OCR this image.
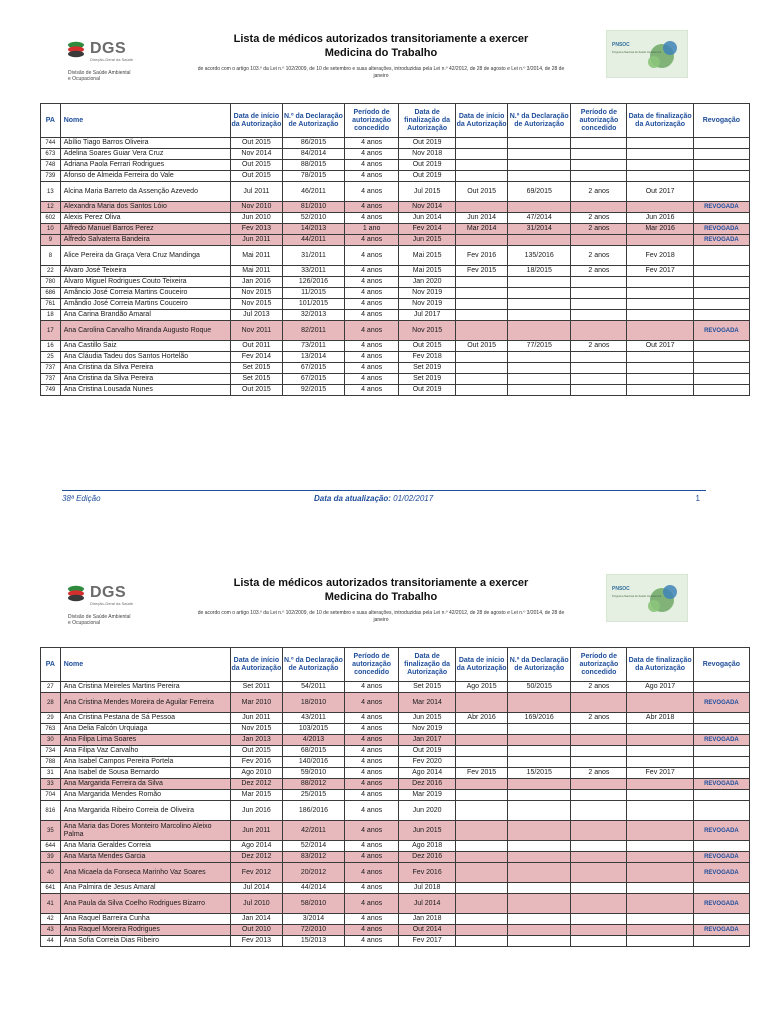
DGS
Direção-Geral da Saúde
Divisão de Saúde Ambiental
e Ocupacional
Lista de médicos autorizados transitoriamente a exercer
Medicina do Trabalho
de acordo com o artigo 103.º da Lei n.º 102/2009, de 10 de setembro e suas alterações, introduzidas pela Lei n.º 42/2012, de 28 de agosto e Lei n.º 3/2014, de 28 de janeiro
PNSOC
Programa Nacional de Saúde Ocupacional
PA	Nome	Data de início da Autorização	N.º da Declaração de Autorização	Período de autorização concedido	Data de finalização da Autorização	Data de início da Autorização	N.º da Declaração de Autorização	Período de autorização concedido	Data de finalização da Autorização	Revogação
744	Abílio Tiago Barros Oliveira	Out 2015	86/2015	4 anos	Out 2019					
673	Adelina Soares Guiar Vera Cruz	Nov 2014	84/2014	4 anos	Nov 2018					
748	Adriana Paola Ferrari Rodrigues	Out 2015	88/2015	4 anos	Out 2019					
739	Afonso de Almeida Ferreira do Vale	Out 2015	78/2015	4 anos	Out 2019					
13	Alcina Maria Barreto da Assenção Azevedo	Jul 2011	46/2011	4 anos	Jul 2015	Out 2015	69/2015	2 anos	Out 2017	
12	Alexandra Maria dos Santos Lóio	Nov 2010	81/2010	4 anos	Nov 2014					REVOGADA
602	Alexis Perez Oliva	Jun 2010	52/2010	4 anos	Jun 2014	Jun 2014	47/2014	2 anos	Jun 2016	
10	Alfredo Manuel Barros Perez	Fev 2013	14/2013	1 ano	Fev 2014	Mar 2014	31/2014	2 anos	Mar 2016	REVOGADA
9	Alfredo Salvaterra Bandeira	Jun 2011	44/2011	4 anos	Jun 2015					REVOGADA
8	Alice Pereira da Graça Vera Cruz Mandinga	Mai 2011	31/2011	4 anos	Mai 2015	Fev 2016	135/2016	2 anos	Fev 2018	
22	Álvaro José Teixeira	Mai 2011	33/2011	4 anos	Mai 2015	Fev 2015	18/2015	2 anos	Fev 2017	
780	Álvaro Miguel Rodrigues Couto Teixeira	Jan 2016	126/2016	4 anos	Jan 2020					
686	Amâncio José Correia Martins Couceiro	Nov 2015	11/2015	4 anos	Nov 2019					
761	Amândio José Correia Martins Couceiro	Nov 2015	101/2015	4 anos	Nov 2019					
18	Ana Carina Brandão Amaral	Jul 2013	32/2013	4 anos	Jul 2017					
17	Ana Carolina Carvalho Miranda Augusto Roque	Nov 2011	82/2011	4 anos	Nov 2015					REVOGADA
16	Ana Castillo Saiz	Out 2011	73/2011	4 anos	Out 2015	Out 2015	77/2015	2 anos	Out 2017	
25	Ana Cláudia Tadeu dos Santos Hortelão	Fev 2014	13/2014	4 anos	Fev 2018					
737	Ana Cristina da Silva Pereira	Set 2015	67/2015	4 anos	Set 2019					
737	Ana Cristina da Silva Pereira	Set 2015	67/2015	4 anos	Set 2019					
749	Ana Cristina Lousada Nunes	Out 2015	92/2015	4 anos	Out 2019					
38ª Edição	Data da atualização: 01/02/2017	1
DGS
Direção-Geral da Saúde
Divisão de Saúde Ambiental
e Ocupacional
Lista de médicos autorizados transitoriamente a exercer
Medicina do Trabalho
de acordo com o artigo 103.º da Lei n.º 102/2009, de 10 de setembro e suas alterações, introduzidas pela Lei n.º 42/2012, de 28 de agosto e Lei n.º 3/2014, de 28 de janeiro
PNSOC
Programa Nacional de Saúde Ocupacional
PA	Nome	Data de início da Autorização	N.º da Declaração de Autorização	Período de autorização concedido	Data de finalização da Autorização	Data de início da Autorização	N.º da Declaração de Autorização	Período de autorização concedido	Data de finalização da Autorização	Revogação
27	Ana Cristina Meireles Martins Pereira	Set 2011	54/2011	4 anos	Set 2015	Ago 2015	50/2015	2 anos	Ago 2017	
28	Ana Cristina Mendes Moreira de Aguilar Ferreira	Mar 2010	18/2010	4 anos	Mar 2014					REVOGADA
29	Ana Cristina Pestana de Sá Pessoa	Jun 2011	43/2011	4 anos	Jun 2015	Abr 2016	169/2016	2 anos	Abr 2018	
763	Ana Delia Falcón Urquiaga	Nov 2015	103/2015	4 anos	Nov 2019					
30	Ana Filipa Lima Soares	Jan 2013	4/2013	4 anos	Jan 2017					REVOGADA
734	Ana Filipa Vaz Carvalho	Out 2015	68/2015	4 anos	Out 2019					
788	Ana Isabel Campos Pereira Portela	Fev 2016	140/2016	4 anos	Fev 2020					
31	Ana Isabel de Sousa Bernardo	Ago 2010	59/2010	4 anos	Ago 2014	Fev 2015	15/2015	2 anos	Fev 2017	
33	Ana Margarida Ferreira da Silva	Dez 2012	88/2012	4 anos	Dez 2016					REVOGADA
704	Ana Margarida Mendes Romão	Mar 2015	25/2015	4 anos	Mar 2019					
816	Ana Margarida Ribeiro Correia de Oliveira	Jun 2016	186/2016	4 anos	Jun 2020					
35	Ana Maria das Dores Monteiro Marcolino Aleixo Palma	Jun 2011	42/2011	4 anos	Jun 2015					REVOGADA
644	Ana Maria Geraldes Correia	Ago 2014	52/2014	4 anos	Ago 2018					
39	Ana Marta Mendes Garcia	Dez 2012	83/2012	4 anos	Dez 2016					REVOGADA
40	Ana Micaela da Fonseca Marinho Vaz Soares	Fev 2012	20/2012	4 anos	Fev 2016					REVOGADA
641	Ana Palmira de Jesus Amaral	Jul 2014	44/2014	4 anos	Jul 2018					
41	Ana Paula da Silva Coelho Rodrigues Bizarro	Jul 2010	58/2010	4 anos	Jul 2014					REVOGADA
42	Ana Raquel Barreira Cunha	Jan 2014	3/2014	4 anos	Jan 2018					
43	Ana Raquel Moreira Rodrigues	Out 2010	72/2010	4 anos	Out 2014					REVOGADA
44	Ana Sofia Correia Dias Ribeiro	Fev 2013	15/2013	4 anos	Fev 2017					
